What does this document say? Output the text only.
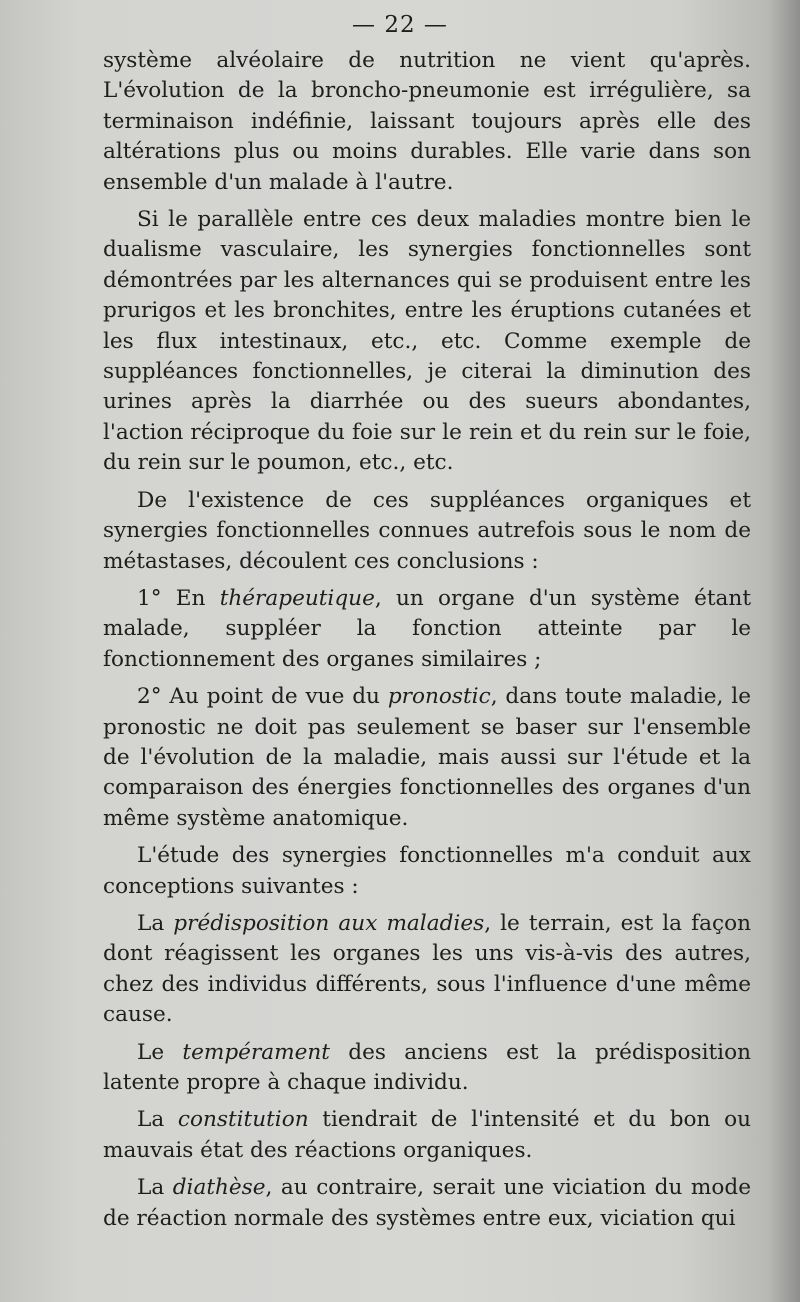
— 22 —

système alvéolaire de nutrition ne vient qu'après. L'évolution de la broncho-pneumonie est irrégulière, sa terminaison indéfinie, laissant toujours après elle des altérations plus ou moins durables. Elle varie dans son ensemble d'un malade à l'autre.

Si le parallèle entre ces deux maladies montre bien le dualisme vasculaire, les synergies fonctionnelles sont démontrées par les alternances qui se produisent entre les prurigos et les bronchites, entre les éruptions cutanées et les flux intestinaux, etc., etc. Comme exemple de suppléances fonctionnelles, je citerai la diminution des urines après la diarrhée ou des sueurs abondantes, l'action réciproque du foie sur le rein et du rein sur le foie, du rein sur le poumon, etc., etc.

De l'existence de ces suppléances organiques et synergies fonctionnelles connues autrefois sous le nom de métastases, découlent ces conclusions :

1° En thérapeutique, un organe d'un système étant malade, suppléer la fonction atteinte par le fonctionnement des organes similaires ;

2° Au point de vue du pronostic, dans toute maladie, le pronostic ne doit pas seulement se baser sur l'ensemble de l'évolution de la maladie, mais aussi sur l'étude et la comparaison des énergies fonctionnelles des organes d'un même système anatomique.

L'étude des synergies fonctionnelles m'a conduit aux conceptions suivantes :

La prédisposition aux maladies, le terrain, est la façon dont réagissent les organes les uns vis-à-vis des autres, chez des individus différents, sous l'influence d'une même cause.

Le tempérament des anciens est la prédisposition latente propre à chaque individu.

La constitution tiendrait de l'intensité et du bon ou mauvais état des réactions organiques.

La diathèse, au contraire, serait une viciation du mode de réaction normale des systèmes entre eux, viciation qui
